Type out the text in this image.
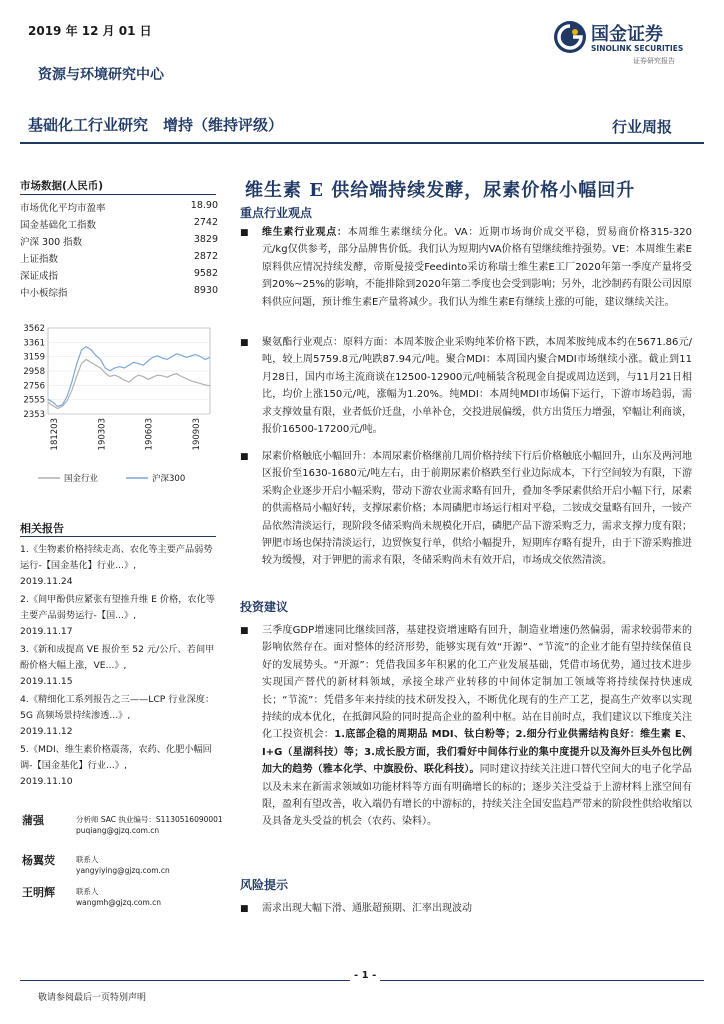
2019 年 12 月 01 日
资源与环境研究中心
国金证券
SINOLINK SECURITIES
证券研究报告
基础化工行业研究　增持（维持评级）	行业周报
维生素 E 供给端持续发酵，尿素价格小幅回升
市场数据(人民币)
市场优化平均市盈率	18.90
国金基础化工指数	2742
沪深 300 指数	3829
上证指数	2872
深证成指	9582
中小板综指	8930
3562
3361
3159
2958
2756
2555
2353
181203	190303	190603	190903
国金行业	沪深300
相关报告
1.《生物素价格持续走高、农化等主要产品弱势运行-【国金基化】行业...》,
2019.11.24
2.《间甲酚供应紧张有望推升维 E 价格，农化等主要产品弱势运行-【国...》,
2019.11.17
3.《新和成提高 VE 报价至 52 元/公斤、若间甲酚价格大幅上涨，VE...》,
2019.11.15
4.《精细化工系列报告之三——LCP 行业深度：5G 高频场景持续渗透...》,
2019.11.12
5.《MDI、维生素价格震荡，农药、化肥小幅回调-【国金基化】行业...》,
2019.11.10
蒲强	分析师 SAC 执业编号：S1130516090001
puqiang@gjzq.com.cn
杨翼荧	联系人
yangyiying@gjzq.com.cn
王明辉	联系人
wangmh@gjzq.com.cn
重点行业观点
■ 维生素行业观点：本周维生素继续分化。VA：近期市场询价成交平稳，贸易商价格315-320元/kg仅供参考，部分品牌售价低。我们认为短期内VA价格有望继续维持强势。VE：本周维生素E原料供应情况持续发酵，帝斯曼接受Feedinto采访称瑞士维生素E工厂2020年第一季度产量将受到20%~25%的影响，不能排除到2020年第二季度也会受到影响；另外，北沙制药有限公司因原料供应问题，预计维生素E产量将减少。我们认为维生素E有继续上涨的可能，建议继续关注。
■ 聚氨酯行业观点：原料方面：本周苯胺企业采购纯苯价格下跌，本周苯胺纯成本约在5671.86元/吨，较上周5759.8元/吨跌87.94元/吨。聚合MDI：本周国内聚合MDI市场继续小涨。截止到11月28日，国内市场主流商谈在12500-12900元/吨桶装含税现金自提或周边送到，与11月21日相比，均价上涨150元/吨，涨幅为1.20%。纯MDI：本周纯MDI市场偏下运行，下游市场趋弱，需求支撑效量有限，业者低价迁盘，小单补仓，交投进展偏缓，供方出货压力增强，窄幅让利商谈，报价16500-17200元/吨。
■ 尿素价格触底小幅回升：本周尿素价格继前几周价格持续下行后价格触底小幅回升，山东及两河地区报价至1630-1680元/吨左右，由于前期尿素价格跌至行业边际成本，下行空间较为有限，下游采购企业逐步开启小幅采购，带动下游农业需求略有回升，叠加冬季尿素供给开启小幅下行，尿素的供需格局小幅好转，支撑尿素价格；本周磷肥市场运行相对平稳，二铵成交量略有回升，一铵产品依然清淡运行，现阶段冬储采购尚未规模化开启，磷肥产品下游采购乏力，需求支撑力度有限；钾肥市场也保持清淡运行，边贸恢复行单，供给小幅提升，短期库存略有提升，由于下游采购推进较为缓慢，对于钾肥的需求有限，冬储采购尚未有效开启，市场成交依然清淡。
投资建议
■ 三季度GDP增速同比继续回落，基建投资增速略有回升，制造业增速仍然偏弱，需求较弱带来的影响依然存在。面对整体的经济形势，能够实现有效“开源”、“节流”的企业才能有望持续保值良好的发展势头。“开源”：凭借我国多年积累的化工产业发展基础，凭借市场优势，通过技术进步实现国产替代的新材料领域，承接全球产业转移的中间体定制加工领域等将持续保持快速成长；“节流”：凭借多年来持续的技术研发投入，不断优化现有的生产工艺，提高生产效率以实现持续的成本优化，在抵御风险的同时提高企业的盈利中枢。站在目前时点，我们建议以下维度关注化工投资机会：1.底部企稳的周期品 MDI、钛白粉等；2.细分行业供需结构良好：维生素 E、I+G（星湖科技）等；3.成长股方面，我们看好中间体行业的集中度提升以及海外巨头外包比例加大的趋势（雅本化学、中旗股份、联化科技）。同时建议持续关注进口替代空间大的电子化学品以及未来在新需求领域如功能材料等方面有明确增长的标的；逐步关注受益于上游材料上涨空间有限，盈利有望改善，收入端仍有增长的中游标的，持续关注全国安监趋严带来的阶段性供给收缩以及具备龙头受益的机会（农药、染料）。
风险提示
■ 需求出现大幅下滑、通胀超预期、汇率出现波动
- 1 -
敬请参阅最后一页特别声明
